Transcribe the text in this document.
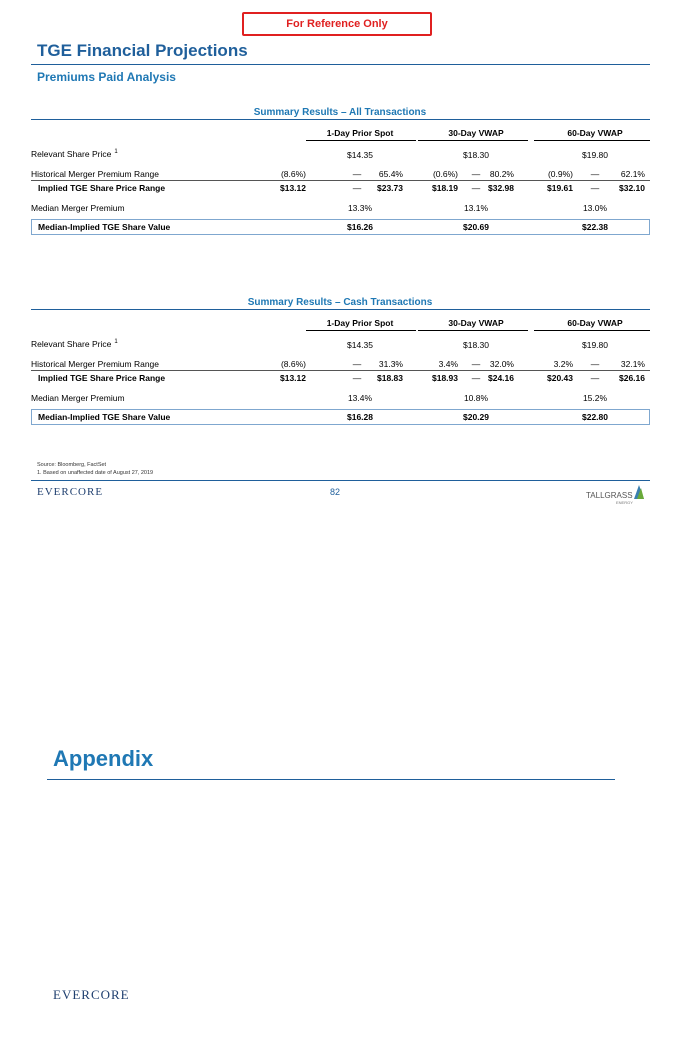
For Reference Only
TGE Financial Projections
Premiums Paid Analysis
Summary Results – All Transactions
1-Day Prior Spot	30-Day VWAP	60-Day VWAP
Relevant Share Price $^1$	$14.35	$18.30	$19.80
Historical Merger Premium Range	(8.6%)	—	65.4%	(0.6%) —	80.2%	(0.9%) —	62.1%
Implied TGE Share Price Range	$13.12	—	$23.73	$18.19 — $32.98	$19.61 —	$32.10
Median Merger Premium	13.3%	13.1%	13.0%
Median-Implied TGE Share Value	$16.26	$20.69	$22.38
Summary Results – Cash Transactions
1-Day Prior Spot	30-Day VWAP	60-Day VWAP
Relevant Share Price $^1$	$14.35	$18.30	$19.80
Historical Merger Premium Range	(8.6%)	—	31.3%	3.4% —	32.0%	3.2% —	32.1%
Implied TGE Share Price Range	$13.12	—	$18.83	$18.93 — $24.16	$20.43 —	$26.16
Median Merger Premium	13.4%	10.8%	15.2%
Median-Implied TGE Share Value	$16.28	$20.29	$22.80
Source: Bloomberg, FactSet
1. Based on unaffected date of August 27, 2019
EVERCORE	82	TALLGRASS
ENERGY
Appendix
EVERCORE
